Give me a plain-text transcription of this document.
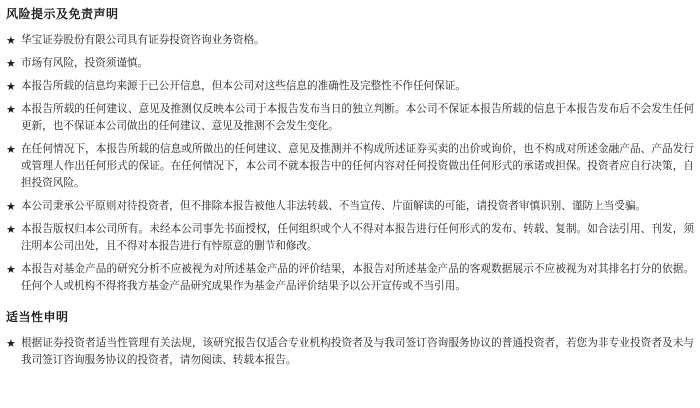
风险提示及免责声明
★ 华宝证券股份有限公司具有证券投资咨询业务资格。
★ 市场有风险，投资须谨慎。
★ 本报告所载的信息均来源于已公开信息，但本公司对这些信息的准确性及完整性不作任何保证。
★ 本报告所载的任何建议、意见及推测仅反映本公司于本报告发布当日的独立判断。本公司不保证本报告所载的信息于本报告发布后不会发生任何更新，也不保证本公司做出的任何建议、意见及推测不会发生变化。
★ 在任何情况下，本报告所载的信息或所做出的任何建议、意见及推测并不构成所述证券买卖的出价或询价，也不构成对所述金融产品、产品发行或管理人作出任何形式的保证。在任何情况下，本公司不就本报告中的任何内容对任何投资做出任何形式的承诺或担保。投资者应自行决策，自担投资风险。
★ 本公司秉承公平原则对待投资者，但不排除本报告被他人非法转载、不当宣传、片面解读的可能，请投资者审慎识别、谨防上当受骗。
★ 本报告版权归本公司所有。未经本公司事先书面授权，任何组织或个人不得对本报告进行任何形式的发布、转载、复制。如合法引用、刊发，须注明本公司出处，且不得对本报告进行有悖原意的删节和修改。
★ 本报告对基金产品的研究分析不应被视为对所述基金产品的评价结果，本报告对所述基金产品的客观数据展示不应被视为对其排名打分的依据。任何个人或机构不得将我方基金产品研究成果作为基金产品评价结果予以公开宣传或不当引用。
适当性申明
★ 根据证券投资者适当性管理有关法规，该研究报告仅适合专业机构投资者及与我司签订咨询服务协议的普通投资者，若您为非专业投资者及未与我司签订咨询服务协议的投资者，请勿阅读、转载本报告。
